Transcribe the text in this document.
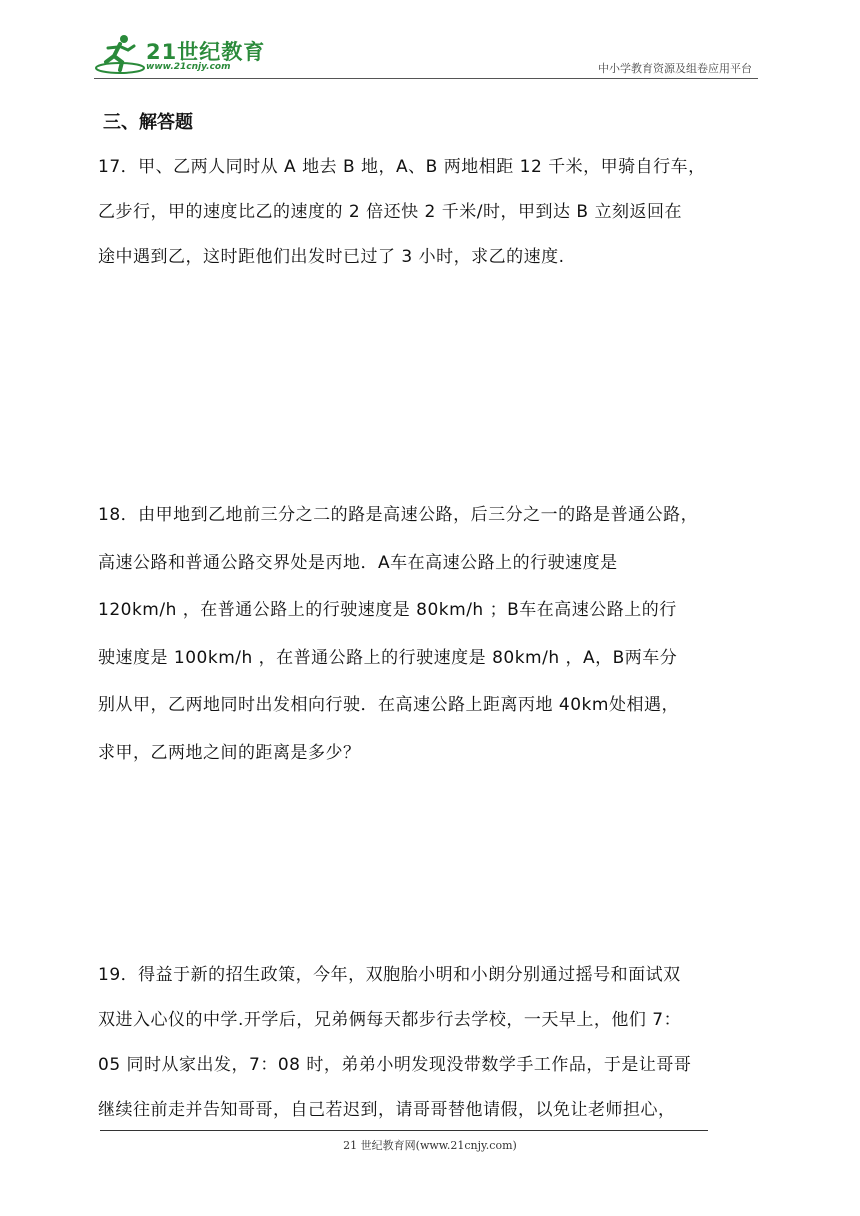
21世纪教育
www.21cnjy.com	中小学教育资源及组卷应用平台
三、解答题

17．甲、乙两人同时从 A 地去 B 地，A、B 两地相距 12 千米，甲骑自行车，

乙步行，甲的速度比乙的速度的 2 倍还快 2 千米/时，甲到达 B 立刻返回在

途中遇到乙，这时距他们出发时已过了 3 小时，求乙的速度.

18．由甲地到乙地前三分之二的路是高速公路，后三分之一的路是普通公路，

高速公路和普通公路交界处是丙地．A车在高速公路上的行驶速度是

120km/h ，在普通公路上的行驶速度是 80km/h ；B车在高速公路上的行

驶速度是 100km/h ，在普通公路上的行驶速度是 80km/h ，A，B两车分

别从甲，乙两地同时出发相向行驶．在高速公路上距离丙地 40km处相遇，

求甲，乙两地之间的距离是多少？

19．得益于新的招生政策，今年，双胞胎小明和小朗分别通过摇号和面试双

双进入心仪的中学.开学后，兄弟俩每天都步行去学校，一天早上，他们 7：

05 同时从家出发，7：08 时，弟弟小明发现没带数学手工作品，于是让哥哥

继续往前走并告知哥哥，自己若迟到，请哥哥替他请假，以免让老师担心，

21 世纪教育网(www.21cnjy.com)
